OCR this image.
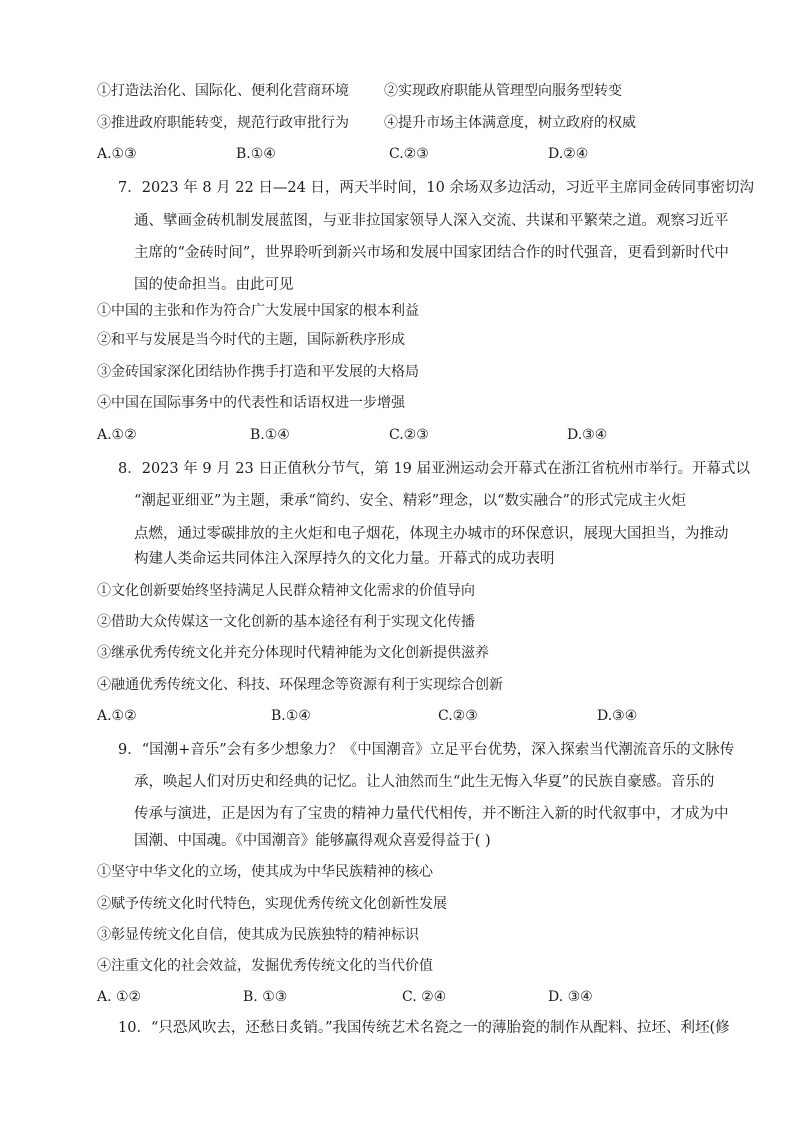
①打造法治化、国际化、便利化营商环境	②实现政府职能从管理型向服务型转变
③推进政府职能转变，规范行政审批行为	④提升市场主体满意度，树立政府的权威
A.①③	B.①④	C.②③	D.②④
7．2023 年 8 月 22 日—24 日，两天半时间，10 余场双多边活动，习近平主席同金砖同事密切沟
通、擘画金砖机制发展蓝图，与亚非拉国家领导人深入交流、共谋和平繁荣之道。观察习近平
主席的“金砖时间”，世界聆听到新兴市场和发展中国家团结合作的时代强音，更看到新时代中
国的使命担当。由此可见
①中国的主张和作为符合广大发展中国家的根本利益
②和平与发展是当今时代的主题，国际新秩序形成
③金砖国家深化团结协作携手打造和平发展的大格局
④中国在国际事务中的代表性和话语权进一步增强
A.①②	B.①④	C.②③	D.③④
8．2023 年 9 月 23 日正值秋分节气，第 19 届亚洲运动会开幕式在浙江省杭州市举行。开幕式以
“潮起亚细亚”为主题，秉承“简约、安全、精彩”理念，以“数实融合”的形式完成主火炬
点燃，通过零碳排放的主火炬和电子烟花，体现主办城市的环保意识，展现大国担当，为推动
构建人类命运共同体注入深厚持久的文化力量。开幕式的成功表明
①文化创新要始终坚持满足人民群众精神文化需求的价值导向
②借助大众传媒这一文化创新的基本途径有利于实现文化传播
③继承优秀传统文化并充分体现时代精神能为文化创新提供滋养
④融通优秀传统文化、科技、环保理念等资源有利于实现综合创新
A.①②	B.①④	C.②③	D.③④
9．“国潮+音乐”会有多少想象力？《中国潮音》立足平台优势，深入探索当代潮流音乐的文脉传
承，唤起人们对历史和经典的记忆。让人油然而生“此生无悔入华夏”的民族自豪感。音乐的
传承与演进，正是因为有了宝贵的精神力量代代相传，并不断注入新的时代叙事中，才成为中
国潮、中国魂。《中国潮音》能够赢得观众喜爱得益于( )
①坚守中华文化的立场，使其成为中华民族精神的核心
②赋予传统文化时代特色，实现优秀传统文化创新性发展
③彰显传统文化自信，使其成为民族独特的精神标识
④注重文化的社会效益，发掘优秀传统文化的当代价值
A. ①②	B. ①③	C. ②④	D. ③④
10．“只恐风吹去，还愁日炙销。”我国传统艺术名瓷之一的薄胎瓷的制作从配料、拉坯、利坯(修
